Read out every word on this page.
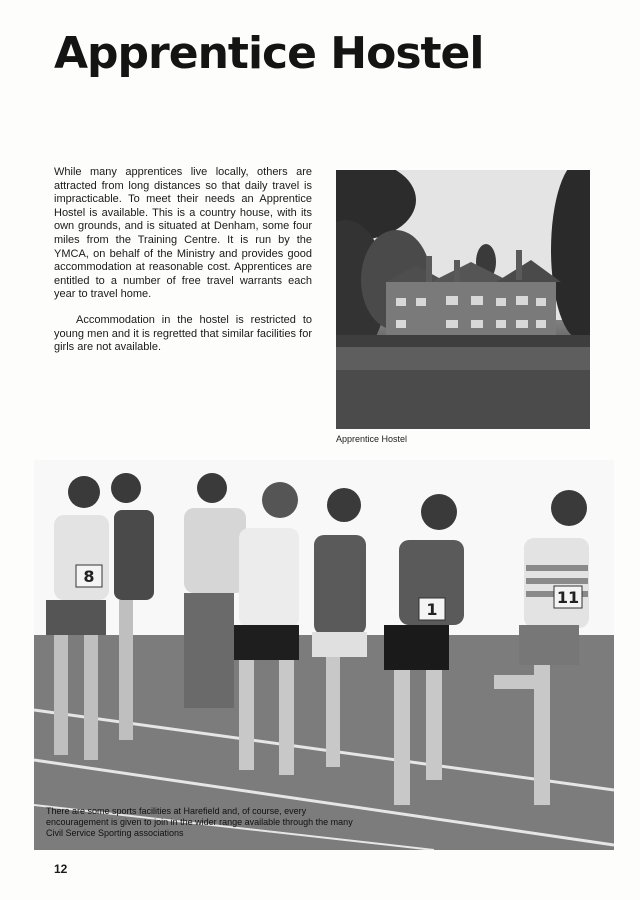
Apprentice Hostel

While many apprentices live locally, others are attracted from long distances so that daily travel is impracticable. To meet their needs an Apprentice Hostel is available. This is a country house, with its own grounds, and is situated at Denham, some four miles from the Training Centre. It is run by the YMCA, on behalf of the Ministry and provides good accommodation at reasonable cost. Apprentices are entitled to a number of free travel warrants each year to travel home.

Accommodation in the hostel is restricted to young men and it is regretted that similar facilities for girls are not available.

Apprentice Hostel

8
1
11

There are some sports facilities at Harefield and, of course, every encouragement is given to join in the wider range available through the many Civil Service Sporting associations

12
